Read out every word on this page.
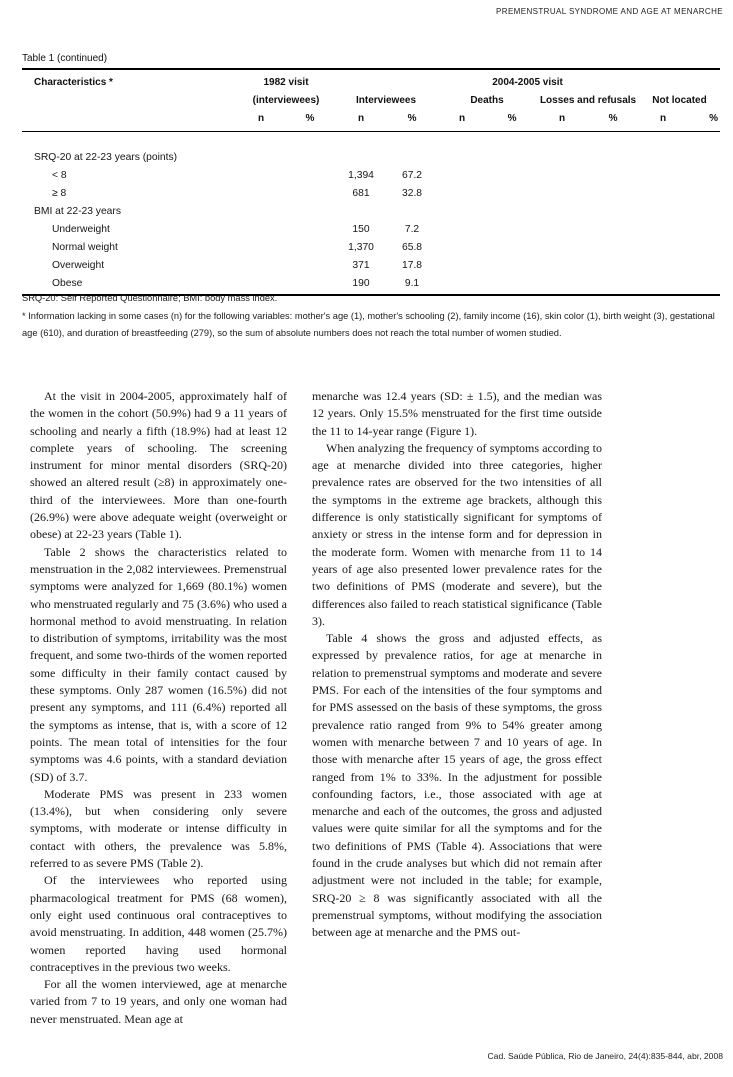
PREMENSTRUAL SYNDROME AND AGE AT MENARCHE
Table 1 (continued)
Characteristics *	1982 visit		2004-2005 visit							
	(interviewees)		Interviewees		Deaths		Losses and refusals		Not located	
	n	%	n	%	n	%	n	%	n	%
SRQ-20 at 22-23 years (points)										
< 8			1,394	67.2						
≥ 8			681	32.8						
BMI at 22-23 years										
Underweight			150	7.2						
Normal weight			1,370	65.8						
Overweight			371	17.8						
Obese			190	9.1						

SRQ-20: Self Reported Questionnaire; BMI: body mass index.

* Information lacking in some cases (n) for the following variables: mother's age (1), mother's schooling (2), family income (16), skin color (1), birth weight (3), gestational age (610), and duration of breastfeeding (279), so the sum of absolute numbers does not reach the total number of women studied.

At the visit in 2004-2005, approximately half of the women in the cohort (50.9%) had 9 a 11 years of schooling and nearly a fifth (18.9%) had at least 12 complete years of schooling. The screening instrument for minor mental disorders (SRQ-20) showed an altered result (≥8) in approximately one-third of the interviewees. More than one-fourth (26.9%) were above adequate weight (overweight or obese) at 22-23 years (Table 1).

Table 2 shows the characteristics related to menstruation in the 2,082 interviewees. Premenstrual symptoms were analyzed for 1,669 (80.1%) women who menstruated regularly and 75 (3.6%) who used a hormonal method to avoid menstruating. In relation to distribution of symptoms, irritability was the most frequent, and some two-thirds of the women reported some difficulty in their family contact caused by these symptoms. Only 287 women (16.5%) did not present any symptoms, and 111 (6.4%) reported all the symptoms as intense, that is, with a score of 12 points. The mean total of intensities for the four symptoms was 4.6 points, with a standard deviation (SD) of 3.7.

Moderate PMS was present in 233 women (13.4%), but when considering only severe symptoms, with moderate or intense difficulty in contact with others, the prevalence was 5.8%, referred to as severe PMS (Table 2).

Of the interviewees who reported using pharmacological treatment for PMS (68 women), only eight used continuous oral contraceptives to avoid menstruating. In addition, 448 women (25.7%) women reported having used hormonal contraceptives in the previous two weeks.

For all the women interviewed, age at menarche varied from 7 to 19 years, and only one woman had never menstruated. Mean age at

menarche was 12.4 years (SD: ± 1.5), and the median was 12 years. Only 15.5% menstruated for the first time outside the 11 to 14-year range (Figure 1).

When analyzing the frequency of symptoms according to age at menarche divided into three categories, higher prevalence rates are observed for the two intensities of all the symptoms in the extreme age brackets, although this difference is only statistically significant for symptoms of anxiety or stress in the intense form and for depression in the moderate form. Women with menarche from 11 to 14 years of age also presented lower prevalence rates for the two definitions of PMS (moderate and severe), but the differences also failed to reach statistical significance (Table 3).

Table 4 shows the gross and adjusted effects, as expressed by prevalence ratios, for age at menarche in relation to premenstrual symptoms and moderate and severe PMS. For each of the intensities of the four symptoms and for PMS assessed on the basis of these symptoms, the gross prevalence ratio ranged from 9% to 54% greater among women with menarche between 7 and 10 years of age. In those with menarche after 15 years of age, the gross effect ranged from 1% to 33%. In the adjustment for possible confounding factors, i.e., those associated with age at menarche and each of the outcomes, the gross and adjusted values were quite similar for all the symptoms and for the two definitions of PMS (Table 4). Associations that were found in the crude analyses but which did not remain after adjustment were not included in the table; for example, SRQ-20 ≥ 8 was significantly associated with all the premenstrual symptoms, without modifying the association between age at menarche and the PMS out-

Cad. Saúde Pública, Rio de Janeiro, 24(4):835-844, abr, 2008
